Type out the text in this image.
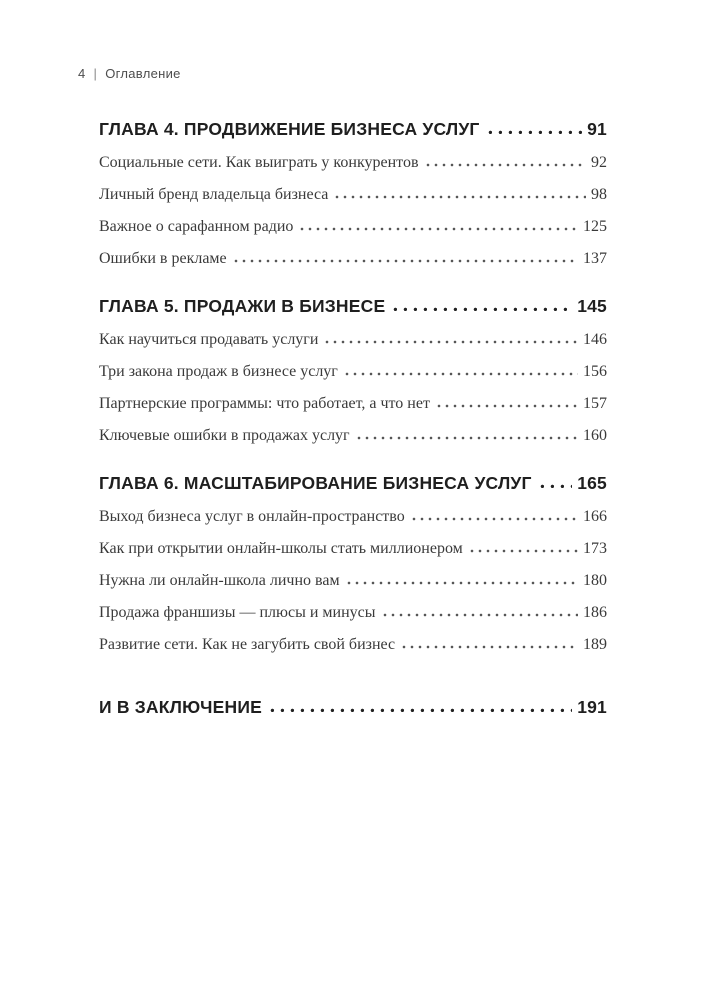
4 | Оглавление
ГЛАВА 4. ПРОДВИЖЕНИЕ БИЗНЕСА УСЛУГ	91
Социальные сети. Как выиграть у конкурентов	92
Личный бренд владельца бизнеса	98
Важное о сарафанном радио	125
Ошибки в рекламе	137
ГЛАВА 5. ПРОДАЖИ В БИЗНЕСЕ	145
Как научиться продавать услуги	146
Три закона продаж в бизнесе услуг	156
Партнерские программы: что работает, а что нет	157
Ключевые ошибки в продажах услуг	160
ГЛАВА 6. МАСШТАБИРОВАНИЕ БИЗНЕСА УСЛУГ	165
Выход бизнеса услуг в онлайн-пространство	166
Как при открытии онлайн-школы стать миллионером	173
Нужна ли онлайн-школа лично вам	180
Продажа франшизы — плюсы и минусы	186
Развитие сети. Как не загубить свой бизнес	189
И В ЗАКЛЮЧЕНИЕ	191
